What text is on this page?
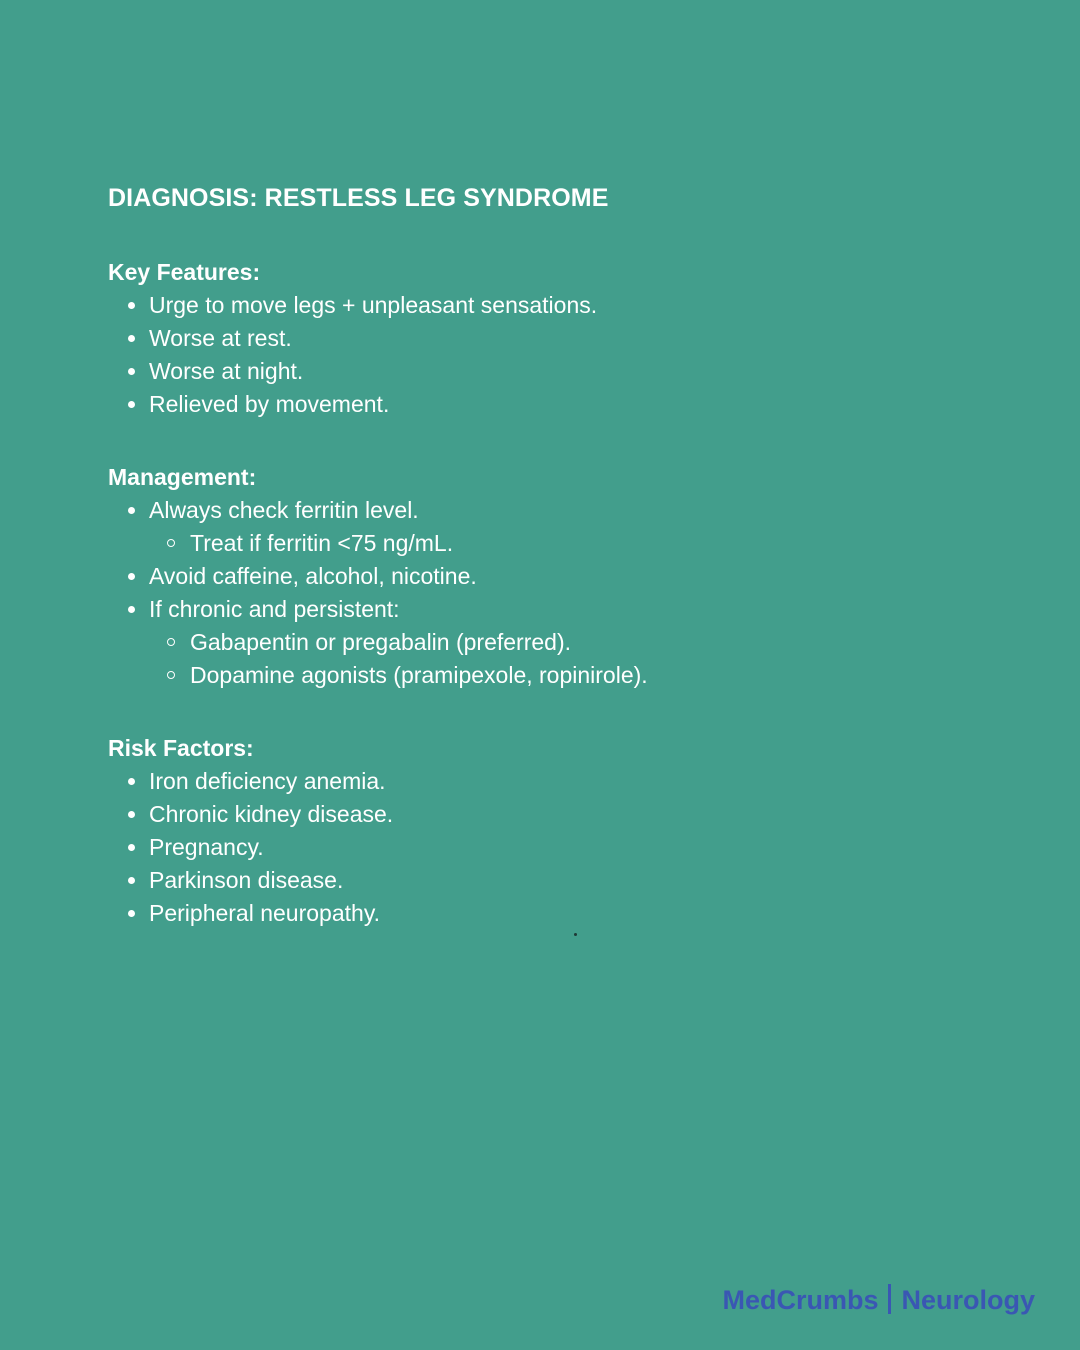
DIAGNOSIS: RESTLESS LEG SYNDROME
Key Features:
Urge to move legs + unpleasant sensations.
Worse at rest.
Worse at night.
Relieved by movement.
Management:
Always check ferritin level.
Treat if ferritin <75 ng/mL.
Avoid caffeine, alcohol, nicotine.
If chronic and persistent:
Gabapentin or pregabalin (preferred).
Dopamine agonists (pramipexole, ropinirole).
Risk Factors:
Iron deficiency anemia.
Chronic kidney disease.
Pregnancy.
Parkinson disease.
Peripheral neuropathy.
MedCrumbs Neurology
